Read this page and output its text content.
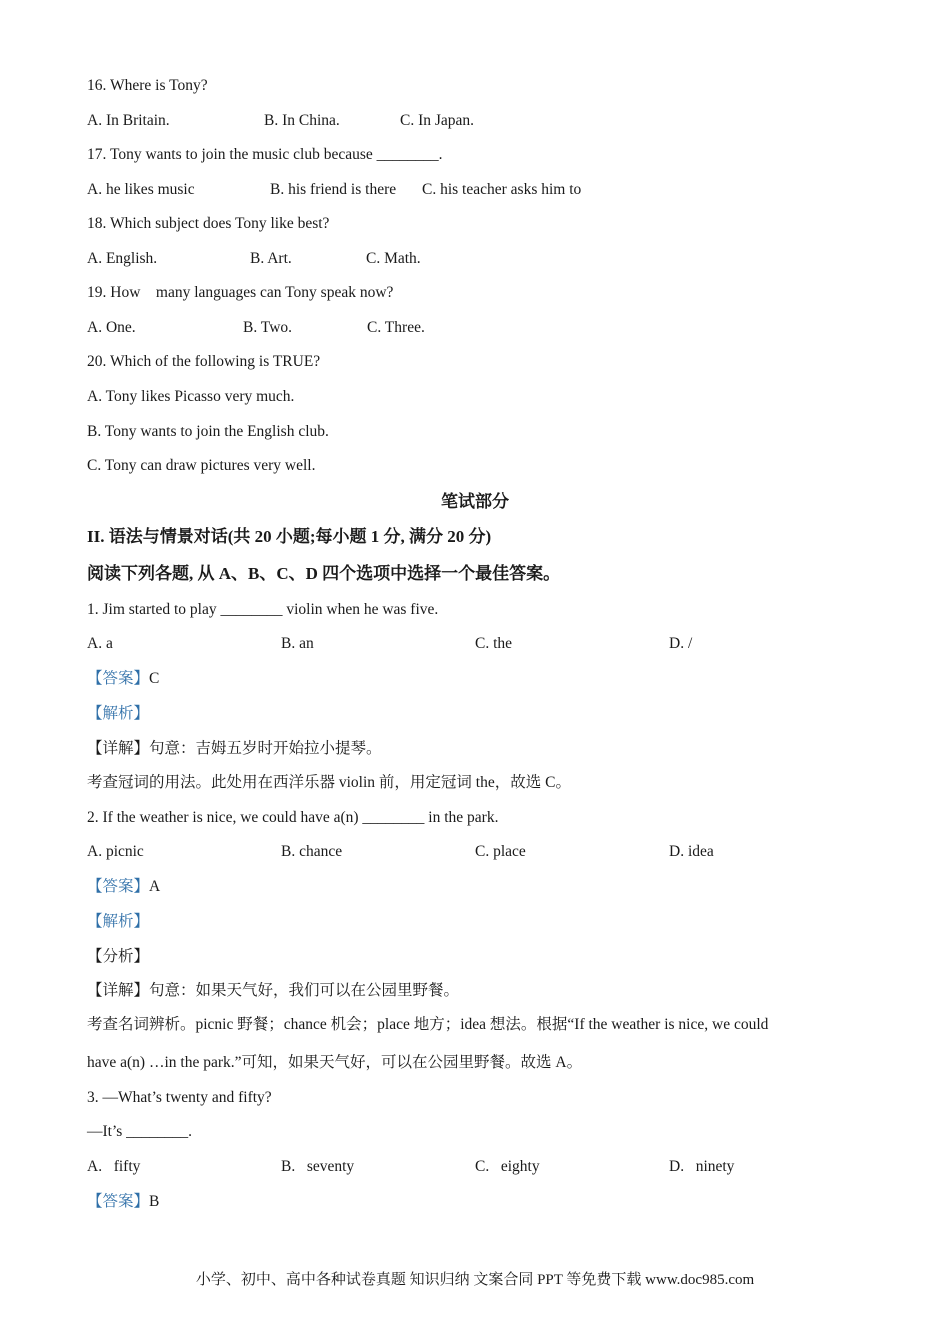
16. Where is Tony?
A. In Britain.	B. In China.	C. In Japan.
17. Tony wants to join the music club because ________.
A. he likes music	B. his friend is there C. his teacher asks him to
18. Which subject does Tony like best?
A. English.	B. Art.	C. Math.
19. How    many languages can Tony speak now?
A. One.	B. Two.	C. Three.
20. Which of the following is TRUE?
A. Tony likes Picasso very much.
B. Tony wants to join the English club.
C. Tony can draw pictures very well.
笔试部分
II. 语法与情景对话(共 20 小题;每小题 1 分, 满分 20 分)
阅读下列各题, 从 A、B、C、D 四个选项中选择一个最佳答案。
1. Jim started to play ________ violin when he was five.
A. a	B. an	C. the	D. /
【答案】C
【解析】
【详解】句意：吉姆五岁时开始拉小提琴。
考查冠词的用法。此处用在西洋乐器 violin 前，用定冠词 the，故选 C。
2. If the weather is nice, we could have a(n) ________ in the park.
A. picnic	B. chance	C. place	D. idea
【答案】A
【解析】
【分析】
【详解】句意：如果天气好，我们可以在公园里野餐。
考查名词辨析。picnic 野餐；chance 机会；place 地方；idea 想法。根据“If the weather is nice, we could
have a(n) …in the park.”可知，如果天气好，可以在公园里野餐。故选 A。
3. —What’s twenty and fifty?
—It’s ________.
A.   fifty	B.   seventy	C.   eighty	D.   ninety
【答案】B
小学、初中、高中各种试卷真题 知识归纳 文案合同 PPT 等免费下载 www.doc985.com
